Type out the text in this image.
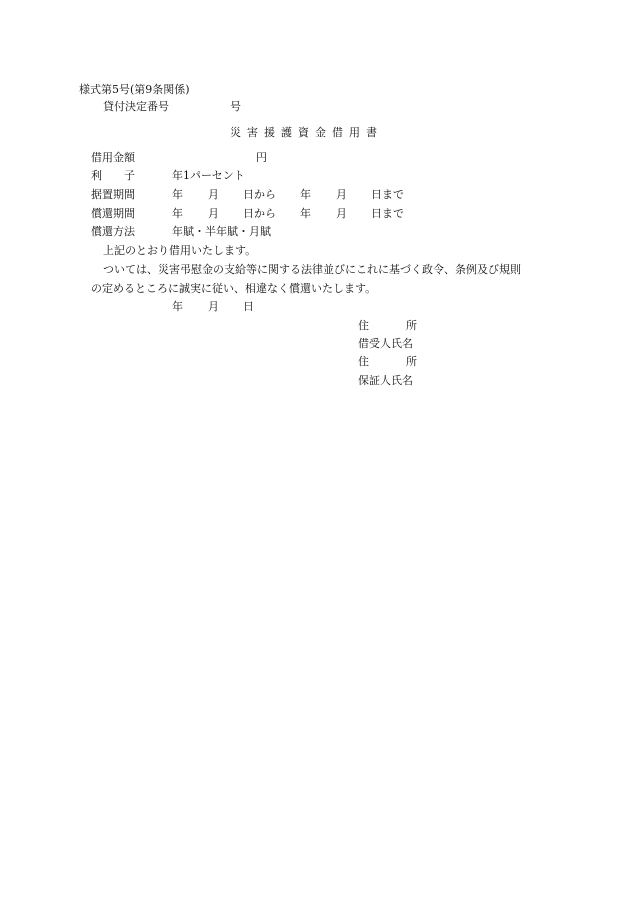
様式第5号(第9条関係)
貸付決定番号	号
災 害 援 護 資 金 借 用 書
借用金額	円
利　　子	年1パーセント
据置期間	年 月 日から 年 月 日まで
償還期間	年 月 日から 年 月 日まで
償還方法	年賦・半年賦・月賦
上記のとおり借用いたします。
ついては、災害弔慰金の支給等に関する法律並びにこれに基づく政令、条例及び規則
の定めるところに誠実に従い、相違なく償還いたします。
年 月 日
住	所
借受人氏名
住	所
保証人氏名
